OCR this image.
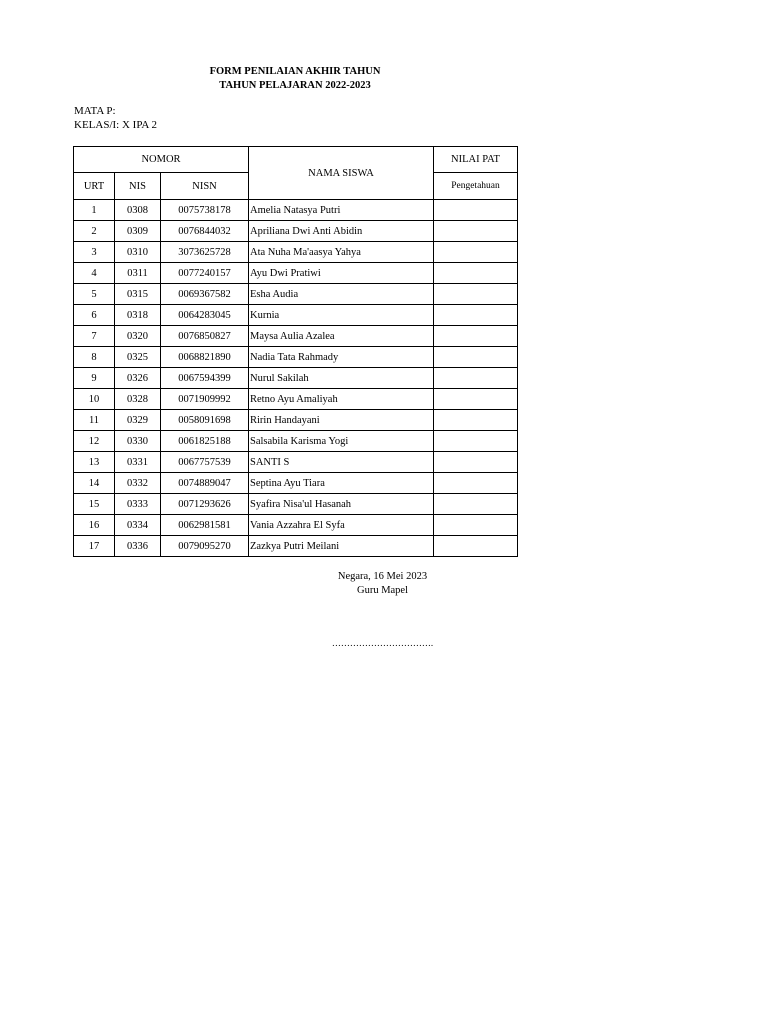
FORM PENILAIAN AKHIR TAHUN
TAHUN PELAJARAN 2022-2023
MATA P:
KELAS/I: X IPA 2
NOMOR			NAMA SISWA	NILAI PAT
URT	NIS	NISN		Pengetahuan
1	0308	0075738178	Amelia Natasya Putri	
2	0309	0076844032	Apriliana Dwi Anti Abidin	
3	0310	3073625728	Ata Nuha Ma'aasya Yahya	
4	0311	0077240157	Ayu Dwi Pratiwi	
5	0315	0069367582	Esha Audia	
6	0318	0064283045	Kurnia	
7	0320	0076850827	Maysa Aulia Azalea	
8	0325	0068821890	Nadia Tata Rahmady	
9	0326	0067594399	Nurul Sakilah	
10	0328	0071909992	Retno Ayu Amaliyah	
11	0329	0058091698	Ririn Handayani	
12	0330	0061825188	Salsabila Karisma Yogi	
13	0331	0067757539	SANTI S	
14	0332	0074889047	Septina Ayu Tiara	
15	0333	0071293626	Syafira Nisa'ul Hasanah	
16	0334	0062981581	Vania Azzahra El Syfa	
17	0336	0079095270	Zazkya Putri Meilani	
Negara, 16 Mei 2023
Guru Mapel
…………………………….
